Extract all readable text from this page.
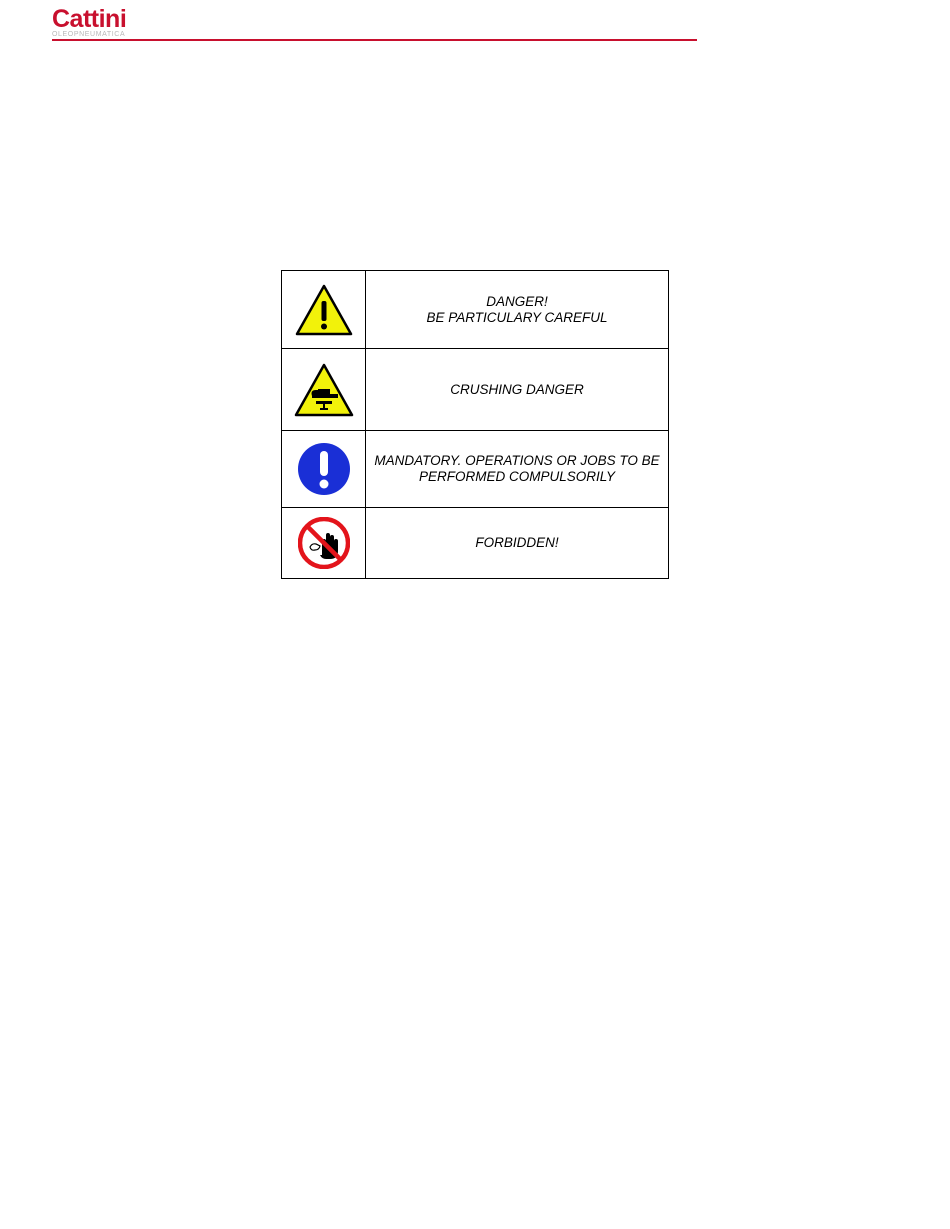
Cattini
OLEOPNEUMATICA

DANGER!
BE PARTICULARY CAREFUL

CRUSHING DANGER

MANDATORY. OPERATIONS OR JOBS TO BE
PERFORMED COMPULSORILY

FORBIDDEN!
